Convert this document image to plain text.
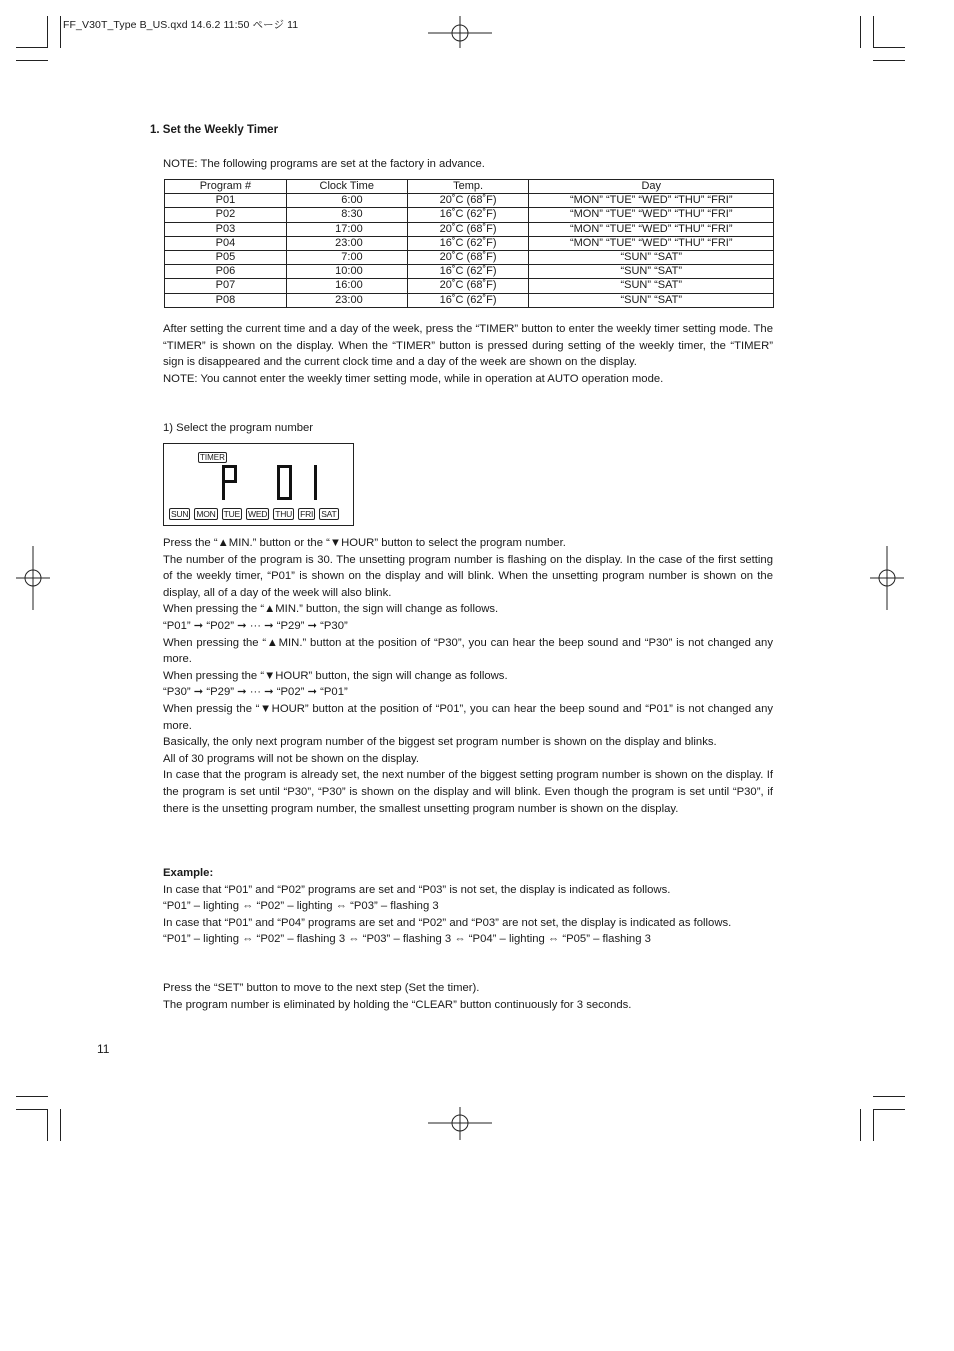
FF_V30T_Type B_US.qxd 14.6.2 11:50 ページ 11
1. Set the Weekly Timer
NOTE: The following programs are set at the factory in advance.
Program #	Clock Time	Temp.	Day
P01	6:00	20˚C (68˚F)	“MON” “TUE” “WED” “THU” “FRI”
P02	8:30	16˚C (62˚F)	“MON” “TUE” “WED” “THU” “FRI”
P03	17:00	20˚C (68˚F)	“MON” “TUE” “WED” “THU” “FRI”
P04	23:00	16˚C (62˚F)	“MON” “TUE” “WED” “THU” “FRI”
P05	7:00	20˚C (68˚F)	“SUN” “SAT”
P06	10:00	16˚C (62˚F)	“SUN” “SAT”
P07	16:00	20˚C (68˚F)	“SUN” “SAT”
P08	23:00	16˚C (62˚F)	“SUN” “SAT”

After setting the current time and a day of the week, press the “TIMER” button to enter the weekly timer setting mode. The “TIMER” is shown on the display. When the “TIMER” button is pressed during setting of the weekly timer, the “TIMER” sign is disappeared and the current clock time and a day of the week are shown on the display.

NOTE: You cannot enter the weekly timer setting mode, while in operation at AUTO operation mode.

1) Select the program number
TIMER
P01
SUN MON TUE WED THU FRI SAT

Press the “▲MIN.” button or the “▼HOUR” button to select the program number.

The number of the program is 30. The unsetting program number is flashing on the display. In the case of the first setting of the weekly timer, “P01” is shown on the display and will blink. When the unsetting program number is shown on the display, all of a day of the week will also blink.

When pressing the “▲MIN.” button, the sign will change as follows.

“P01” ➞ “P02” ➞ ··· ➞ “P29” ➞ “P30”

When pressing the “▲MIN.” button at the position of “P30”, you can hear the beep sound and “P30” is not changed any more.

When pressing the “▼HOUR” button, the sign will change as follows.

“P30” ➞ “P29” ➞ ··· ➞ “P02” ➞ “P01”

When pressig the “▼HOUR” button at the position of “P01”, you can hear the beep sound and “P01” is not changed any more.

Basically, the only next program number of the biggest set program number is shown on the display and blinks.

All of 30 programs will not be shown on the display.

In case that the program is already set, the next number of the biggest setting program number is shown on the display. If the program is set until “P30”, “P30” is shown on the display and will blink. Even though the program is set until “P30”, if there is the unsetting program number, the smallest unsetting program number is shown on the display.

Example:

In case that “P01” and “P02” programs are set and “P03” is not set, the display is indicated as follows.

“P01” – lighting ⇔ “P02” – lighting ⇔ “P03” – flashing 3

In case that “P01” and “P04” programs are set and “P02” and “P03” are not set, the display is indicated as follows.

“P01” – lighting ⇔ “P02” – flashing 3 ⇔ “P03” – flashing 3 ⇔ “P04” – lighting ⇔ “P05” – flashing 3

Press the “SET” button to move to the next step (Set the timer).

The program number is eliminated by holding the “CLEAR” button continuously for 3 seconds.

11
